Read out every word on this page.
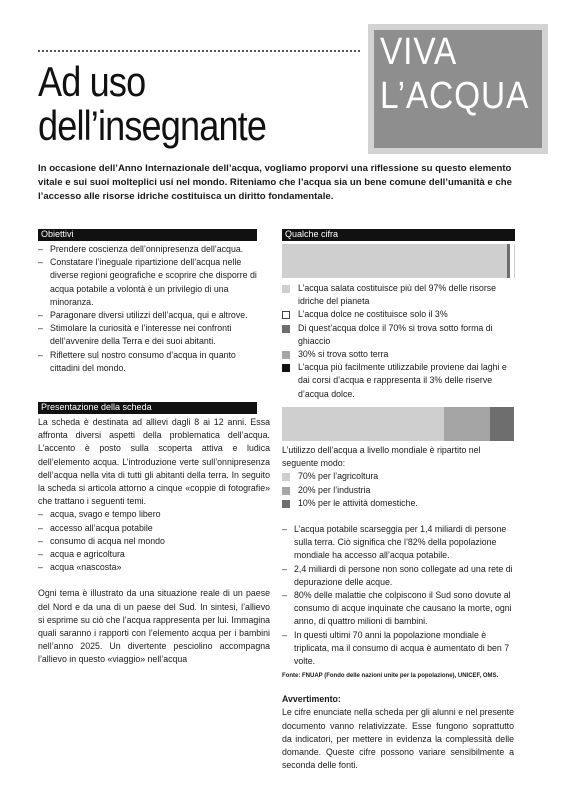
Ad uso
dell’insegnante
VIVA
L’ACQUA

In occasione dell’Anno Internazionale dell’acqua, vogliamo proporvi una riflessione su questo elemento vitale e sui suoi molteplici usi nel mondo. Riteniamo che l’acqua sia un bene comune dell’umanità e che l’accesso alle risorse idriche costituisca un diritto fondamentale.

Obiettivi
– Prendere coscienza dell’onnipresenza dell’acqua.
– Constatare l’ineguale ripartizione dell’acqua nelle diverse regioni geografiche e scoprire che disporre di acqua potabile a volontà è un privilegio di una minoranza.
– Paragonare diversi utilizzi dell’acqua, qui e altrove.
– Stimolare la curiosità e l’interesse nei confronti dell’avvenire della Terra e dei suoi abitanti.
– Riflettere sul nostro consumo d’acqua in quanto cittadini del mondo.
Presentazione della scheda

La scheda è destinata ad allievi dagli 8 ai 12 anni. Essa affronta diversi aspetti della problematica dell’acqua. L’accento è posto sulla scoperta attiva e ludica dell’elemento acqua. L’introduzione verte sull’onnipresenza dell’acqua nella vita di tutti gli abitanti della terra. In seguito la scheda si articola attorno a cinque «coppie di fotografie» che trattano i seguenti temi.

– acqua, svago e tempo libero
– accesso all’acqua potabile
– consumo di acqua nel mondo
– acqua e agricoltura
– acqua «nascosta»

Ogni tema è illustrato da una situazione reale di un paese del Nord e da una di un paese del Sud. In sintesi, l’allievo si esprime su ciò che l’acqua rappresenta per lui. Immagina quali saranno i rapporti con l’elemento acqua per i bambini nell’anno 2025. Un divertente pesciolino accompagna l’allievo in questo «viaggio» nell’acqua

Qualche cifra
L’acqua salata costituisce più del 97% delle risorse idriche del pianeta
L’acqua dolce ne costituisce solo il 3%
Di quest’acqua dolce il 70% si trova sotto forma di ghiaccio
30% si trova sotto terra
L’acqua più facilmente utilizzabile proviene dai laghi e dai corsi d’acqua e rappresenta il 3% delle riserve d’acqua dolce.

L’utilizzo dell’acqua a livello mondiale è ripartito nel seguente modo:

70% per l’agricoltura
20% per l’industria
10% per le attività domestiche.
– L’acqua potabile scarseggia per 1,4 miliardi di persone sulla terra. Ciò significa che l’82% della popolazione mondiale ha accesso all’acqua potabile.
– 2,4 miliardi di persone non sono collegate ad una rete di depurazione delle acque.
– 80% delle malattie che colpiscono il Sud sono dovute al consumo di acque inquinate che causano la morte, ogni anno, di quattro milioni di bambini.
– In questi ultimi 70 anni la popolazione mondiale è triplicata, ma il consumo di acqua è aumentato di ben 7 volte.

Fonte: FNUAP (Fondo delle nazioni unite per la popolazione), UNICEF, OMS.

Avvertimento:

Le cifre enunciate nella scheda per gli alunni e nel presente documento vanno relativizzate. Esse fungono soprattutto da indicatori, per mettere in evidenza la complessità delle domande. Queste cifre possono variare sensibilmente a seconda delle fonti.
